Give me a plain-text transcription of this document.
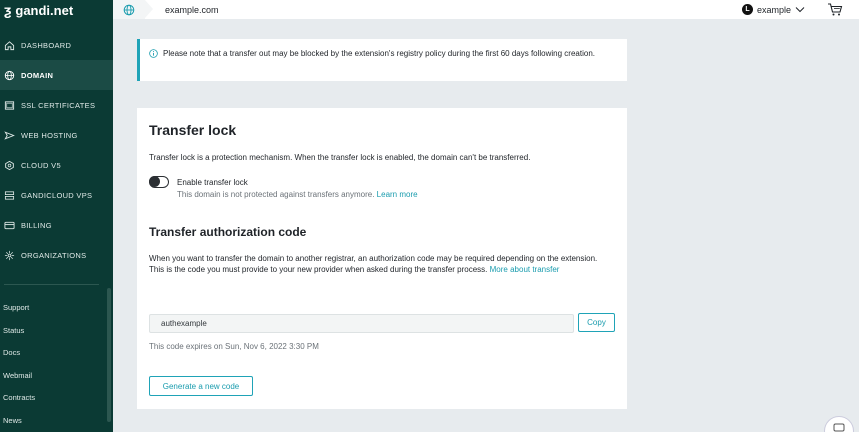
ƺ gandi.net
DASHBOARD
DOMAIN
SSL CERTIFICATES
WEB HOSTING
CLOUD V5
GANDICLOUD VPS
BILLING
ORGANIZATIONS
Support
Status
Docs
Webmail
Contracts
News
example.com	L example

Please note that a transfer out may be blocked by the extension's registry policy during the first 60 days following creation.

Transfer lock
Transfer lock is a protection mechanism. When the transfer lock is enabled, the domain can't be transferred.
Enable transfer lock
This domain is not protected against transfers anymore. Learn more
Transfer authorization code
When you want to transfer the domain to another registrar, an authorization code may be required depending on the extension.
This is the code you must provide to your new provider when asked during the transfer process. More about transfer
authexample
Copy
This code expires on Sun, Nov 6, 2022 3:30 PM
Generate a new code
